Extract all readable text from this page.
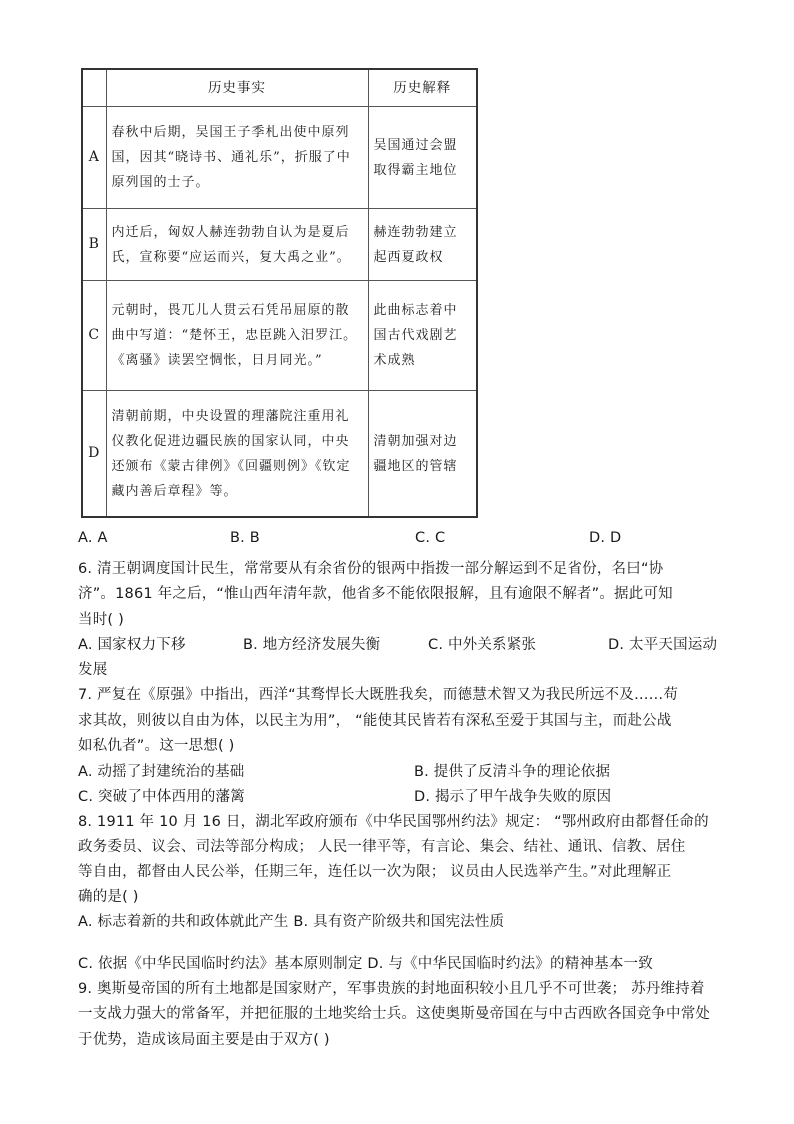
	历史事实	历史解释
A	春秋中后期，吴国王子季札出使中原列国，因其“晓诗书、通礼乐”，折服了中原列国的士子。	吴国通过会盟取得霸主地位
B	内迁后，匈奴人赫连勃勃自认为是夏后氏，宣称要“应运而兴，复大禹之业”。	赫连勃勃建立起西夏政权
C	元朝时，畏兀儿人贯云石凭吊屈原的散曲中写道：“楚怀王，忠臣跳入汨罗江。《离骚》读罢空惆怅，日月同光。”	此曲标志着中国古代戏剧艺术成熟
D	清朝前期，中央设置的理藩院注重用礼仪教化促进边疆民族的国家认同，中央还颁布《蒙古律例》《回疆则例》《钦定藏内善后章程》等。	清朝加强对边疆地区的管辖
A. A	B. B	C. C	D. D
6. 清王朝调度国计民生，常常要从有余省份的银两中指拨一部分解运到不足省份，名曰“协
济”。1861 年之后，“惟山西年清年款，他省多不能依限报解，且有逾限不解者”。据此可知
当时( )
A. 国家权力下移	B. 地方经济发展失衡	C. 中外关系紧张	D. 太平天国运动
发展
7. 严复在《原强》中指出，西洋“其骛悍长大既胜我矣，而德慧术智又为我民所远不及……苟
求其故，则彼以自由为体，以民主为用”， “能使其民皆若有深私至爱于其国与主，而赴公战
如私仇者”。这一思想( )
A. 动摇了封建统治的基础	B. 提供了反清斗争的理论依据
C. 突破了中体西用的藩篱	D. 揭示了甲午战争失败的原因
8. 1911 年 10 月 16 日，湖北军政府颁布《中华民国鄂州约法》规定： “鄂州政府由都督任命的
政务委员、议会、司法等部分构成； 人民一律平等，有言论、集会、结社、通讯、信教、居住
等自由，都督由人民公举，任期三年，连任以一次为限； 议员由人民选举产生。”对此理解正
确的是( )
A. 标志着新的共和政体就此产生 B. 具有资产阶级共和国宪法性质
C. 依据《中华民国临时约法》基本原则制定 D. 与《中华民国临时约法》的精神基本一致
9. 奥斯曼帝国的所有土地都是国家财产，军事贵族的封地面积较小且几乎不可世袭； 苏丹维持着
一支战力强大的常备军，并把征服的土地奖给士兵。这使奥斯曼帝国在与中古西欧各国竞争中常处
于优势，造成该局面主要是由于双方( )
